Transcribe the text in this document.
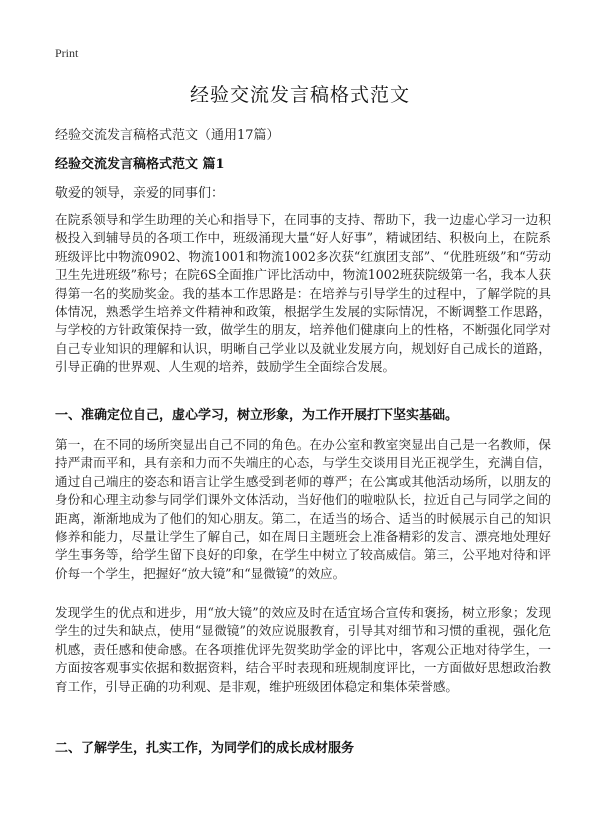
Print
经验交流发言稿格式范文
经验交流发言稿格式范文（通用17篇）
经验交流发言稿格式范文 篇1
敬爱的领导，亲爱的同事们：

在院系领导和学生助理的关心和指导下，在同事的支持、帮助下，我一边虚心学习一边积极投入到辅导员的各项工作中，班级涌现大量“好人好事”，精诚团结、积极向上，在院系班级评比中物流0902、物流1001和物流1002多次获“红旗团支部”、“优胜班级”和“劳动卫生先进班级”称号；在院6S全面推广评比活动中，物流1002班获院级第一名，我本人获得第一名的奖励奖金。我的基本工作思路是：在培养与引导学生的过程中，了解学院的具体情况，熟悉学生培养文件精神和政策，根据学生发展的实际情况，不断调整工作思路，与学校的方针政策保持一致，做学生的朋友，培养他们健康向上的性格，不断强化同学对自己专业知识的理解和认识，明晰自己学业以及就业发展方向，规划好自己成长的道路，引导正确的世界观、人生观的培养，鼓励学生全面综合发展。

一、准确定位自己，虚心学习，树立形象，为工作开展打下坚实基础。

第一，在不同的场所突显出自己不同的角色。在办公室和教室突显出自己是一名教师，保持严肃而平和，具有亲和力而不失端庄的心态，与学生交谈用目光正视学生，充满自信，通过自己端庄的姿态和语言让学生感受到老师的尊严；在公寓或其他活动场所，以朋友的身份和心理主动参与同学们课外文体活动，当好他们的啦啦队长，拉近自己与同学之间的距离，渐渐地成为了他们的知心朋友。第二，在适当的场合、适当的时候展示自己的知识修养和能力，尽量让学生了解自己，如在周日主题班会上准备精彩的发言、漂亮地处理好学生事务等，给学生留下良好的印象，在学生中树立了较高威信。第三，公平地对待和评价每一个学生，把握好“放大镜”和“显微镜”的效应。

发现学生的优点和进步，用“放大镜”的效应及时在适宜场合宣传和褒扬，树立形象；发现学生的过失和缺点，使用“显微镜”的效应说服教育，引导其对细节和习惯的重视，强化危机感，责任感和使命感。在各项推优评先贺奖助学金的评比中，客观公正地对待学生，一方面按客观事实依据和数据资料，结合平时表现和班规制度评比，一方面做好思想政治教育工作，引导正确的功利观、是非观，维护班级团体稳定和集体荣誉感。

二、了解学生，扎实工作，为同学们的成长成材服务
